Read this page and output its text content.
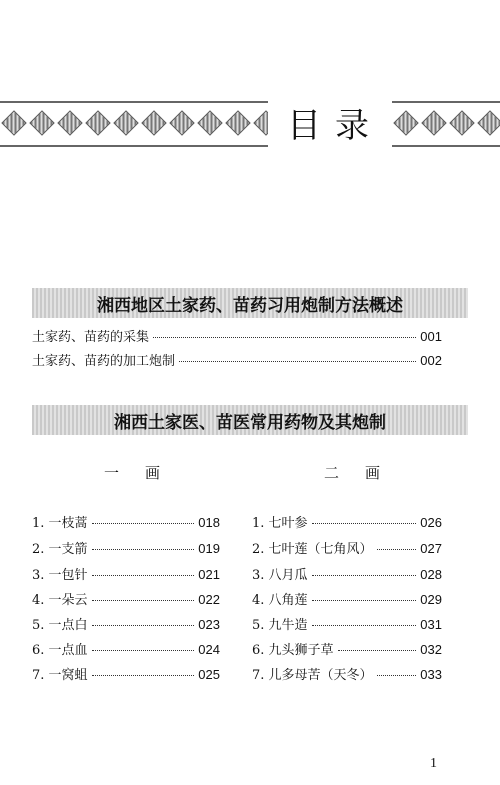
目录
湘西地区土家药、苗药习用炮制方法概述
土家药、苗药的采集	001
土家药、苗药的加工炮制	002
湘西土家医、苗医常用药物及其炮制
一画	二画
1. 一枝蒿	018
2. 一支箭	019
3. 一包针	021
4. 一朵云	022
5. 一点白	023
6. 一点血	024
7. 一窝蛆	025
1. 七叶参	026
2. 七叶莲（七角风）	027
3. 八月瓜	028
4. 八角莲	029
5. 九牛造	031
6. 九头狮子草	032
7. 儿多母苦（天冬）	033
1
